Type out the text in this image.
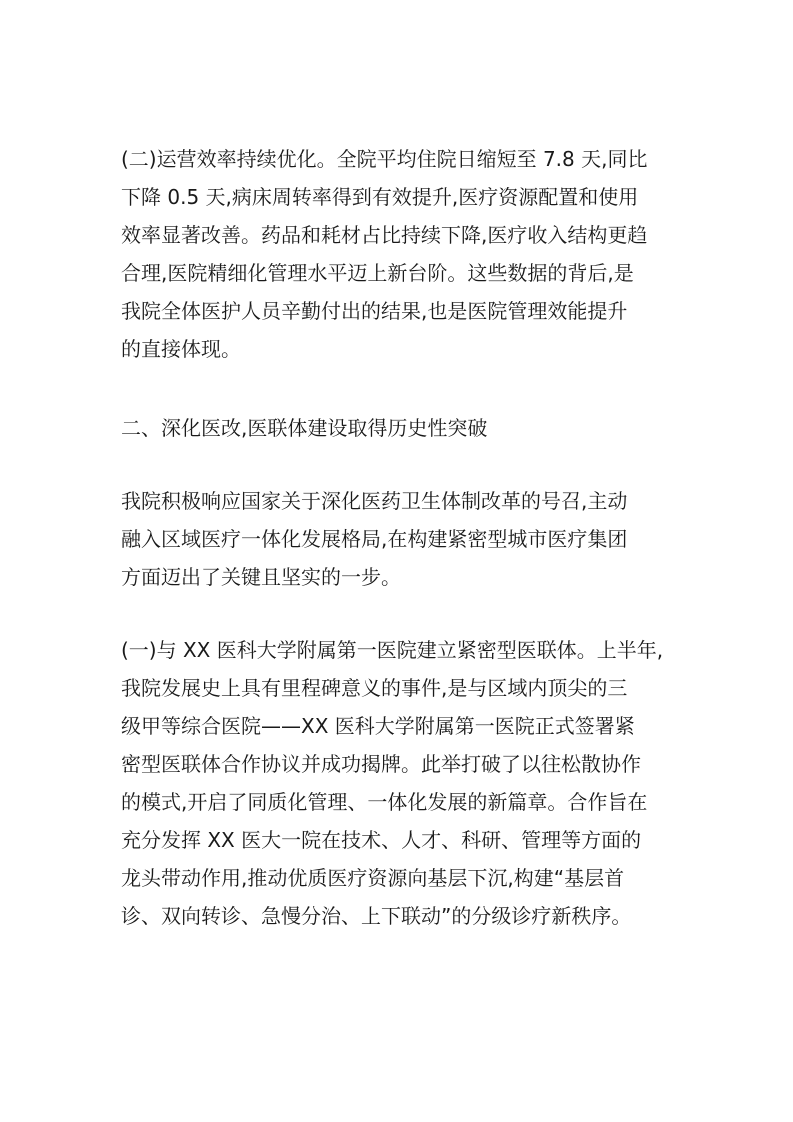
(二)运营效率持续优化。全院平均住院日缩短至 7.8 天,同比
下降 0.5 天,病床周转率得到有效提升,医疗资源配置和使用
效率显著改善。药品和耗材占比持续下降,医疗收入结构更趋
合理,医院精细化管理水平迈上新台阶。这些数据的背后,是
我院全体医护人员辛勤付出的结果,也是医院管理效能提升
的直接体现。

二、深化医改,医联体建设取得历史性突破

我院积极响应国家关于深化医药卫生体制改革的号召,主动
融入区域医疗一体化发展格局,在构建紧密型城市医疗集团
方面迈出了关键且坚实的一步。

(一)与 XX 医科大学附属第一医院建立紧密型医联体。上半年,
我院发展史上具有里程碑意义的事件,是与区域内顶尖的三
级甲等综合医院——XX 医科大学附属第一医院正式签署紧
密型医联体合作协议并成功揭牌。此举打破了以往松散协作
的模式,开启了同质化管理、一体化发展的新篇章。合作旨在
充分发挥 XX 医大一院在技术、人才、科研、管理等方面的
龙头带动作用,推动优质医疗资源向基层下沉,构建“基层首
诊、双向转诊、急慢分治、上下联动”的分级诊疗新秩序。
